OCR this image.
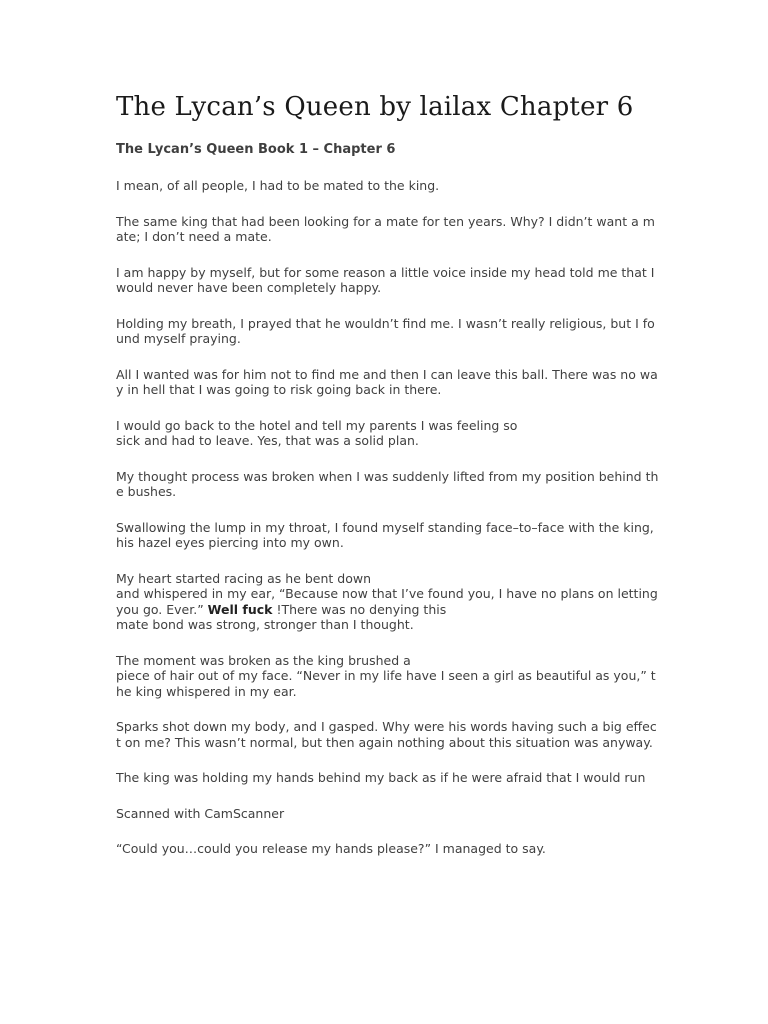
The Lycan’s Queen by lailax Chapter 6
The Lycan’s Queen Book 1 – Chapter 6

I mean, of all people, I had to be mated to the king.

The same king that had been looking for a mate for ten years. Why? I didn’t want a mate; I don’t need a mate.

I am happy by myself, but for some reason a little voice inside my head told me that I would never have been completely happy.

Holding my breath, I prayed that he wouldn’t find me. I wasn’t really religious, but I found myself praying.

All I wanted was for him not to find me and then I can leave this ball. There was no way in hell that I was going to risk going back in there.

I would go back to the hotel and tell my parents I was feeling so
sick and had to leave. Yes, that was a solid plan.

My thought process was broken when I was suddenly lifted from my position behind the bushes.

Swallowing the lump in my throat, I found myself standing face–to–face with the king, his hazel eyes piercing into my own.

My heart started racing as he bent down
and whispered in my ear, “Because now that I’ve found you, I have no plans on letting you go. Ever.” Well fuck !There was no denying this
mate bond was strong, stronger than I thought.

The moment was broken as the king brushed a
piece of hair out of my face. “Never in my life have I seen a girl as beautiful as you,” the king whispered in my ear.

Sparks shot down my body, and I gasped. Why were his words having such a big effect on me? This wasn’t normal, but then again nothing about this situation was anyway.

The king was holding my hands behind my back as if he were afraid that I would run

Scanned with CamScanner

“Could you…could you release my hands please?” I managed to say.
